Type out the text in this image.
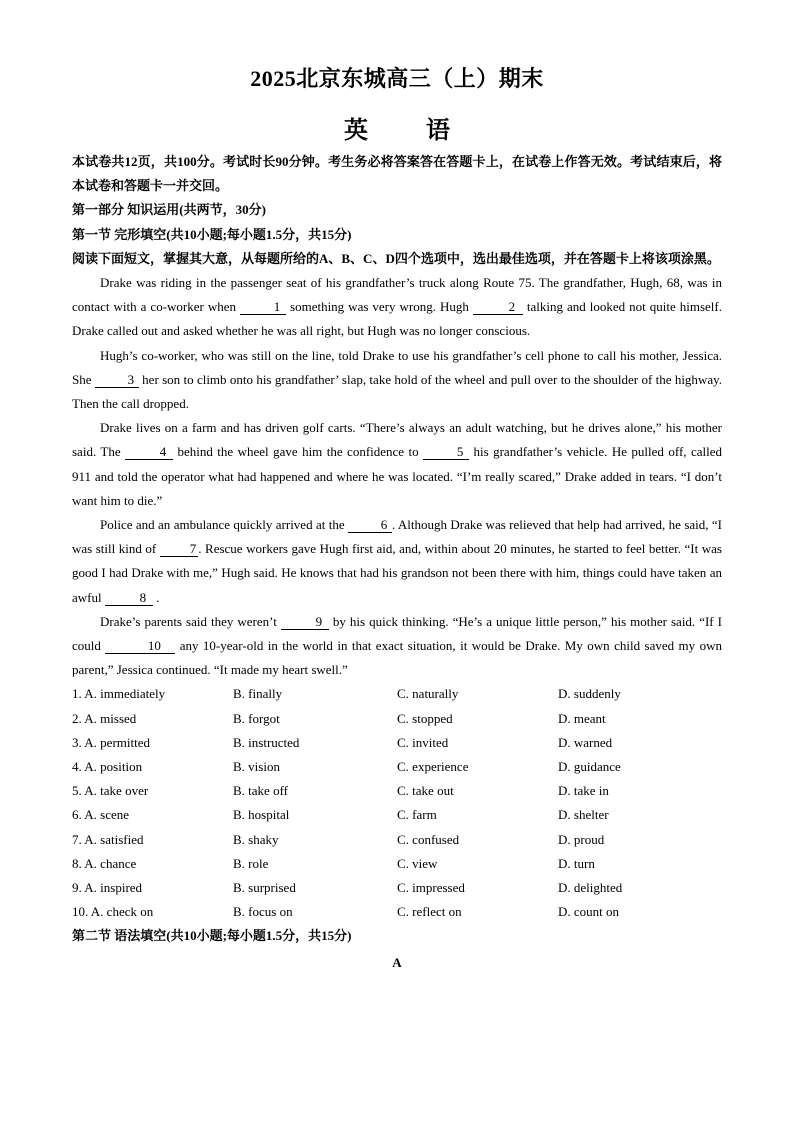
2025北京东城高三（上）期末
英 语

本试卷共12页，共100分。考试时长90分钟。考生务必将答案答在答题卡上，在试卷上作答无效。考试结束后，将本试卷和答题卡一并交回。

第一部分 知识运用(共两节，30分)

第一节 完形填空(共10小题;每小题1.5分，共15分)

阅读下面短文，掌握其大意，从每题所给的A、B、C、D四个选项中，选出最佳选项，并在答题卡上将该项涂黑。

Drake was riding in the passenger seat of his grandfather’s truck along Route 75. The grandfather, Hugh, 68, was in contact with a co-worker when	1 something was very wrong. Hugh	2 talking and looked not quite himself. Drake called out and asked whether he was all right, but Hugh was no longer conscious.

Hugh’s co-worker, who was still on the line, told Drake to use his grandfather’s cell phone to call his mother, Jessica. She	3 her son to climb onto his grandfather’ slap, take hold of the wheel and pull over to the shoulder of the highway. Then the call dropped.

Drake lives on a farm and has driven golf carts. “There’s always an adult watching, but he drives alone,” his mother said. The	4 behind the wheel gave him the confidence to	5 his grandfather’s vehicle. He pulled off, called 911 and told the operator what had happened and where he was located. “I’m really scared,” Drake added in tears. “I don’t want him to die.”

Police and an ambulance quickly arrived at the	6 . Although Drake was relieved that help had arrived, he said, “I was still kind of 7 . Rescue workers gave Hugh first aid, and, within about 20 minutes, he started to feel better. “It was good I had Drake with me,” Hugh said. He knows that had his grandson not been there with him, things could have taken an awful	8 .

Drake’s parents said they weren’t	9 by his quick thinking. “He’s a unique little person,” his mother said. “If I could	10 any 10-year-old in the world in that exact situation, it would be Drake. My own child saved my own parent,” Jessica continued. “It made my heart swell.”

1. A. immediately	B. finally	C. naturally	D. suddenly
2. A. missed	B. forgot	C. stopped	D. meant
3. A. permitted	B. instructed	C. invited	D. warned
4. A. position	B. vision	C. experience	D. guidance
5. A. take over	B. take off	C. take out	D. take in
6. A. scene	B. hospital	C. farm	D. shelter
7. A. satisfied	B. shaky	C. confused	D. proud
8. A. chance	B. role	C. view	D. turn
9. A. inspired	B. surprised	C. impressed	D. delighted
10. A. check on	B. focus on	C. reflect on	D. count on

第二节 语法填空(共10小题;每小题1.5分，共15分)

A
